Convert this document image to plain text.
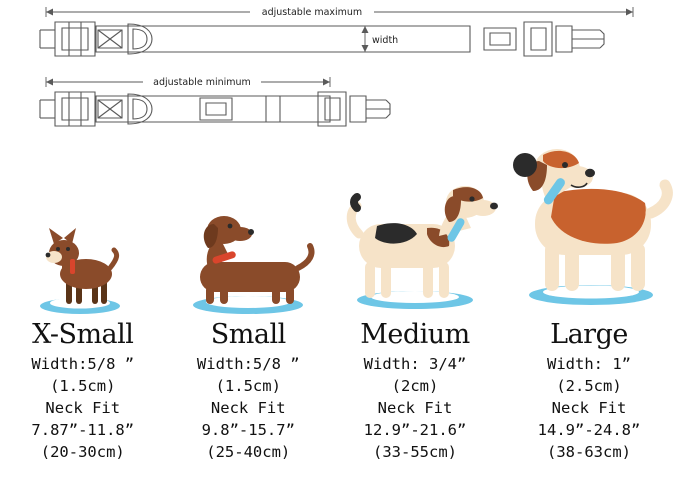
adjustable maximum
adjustable minimum
width
X-Small
Width:5/8 ”
(1.5cm)
Neck Fit
7.87”-11.8”
(20-30cm)
Small
Width:5/8 ”
(1.5cm)
Neck Fit
9.8”-15.7”
(25-40cm)
Medium
Width: 3/4”
(2cm)
Neck Fit
12.9”-21.6”
(33-55cm)
Large
Width: 1”
(2.5cm)
Neck Fit
14.9”-24.8”
(38-63cm)
